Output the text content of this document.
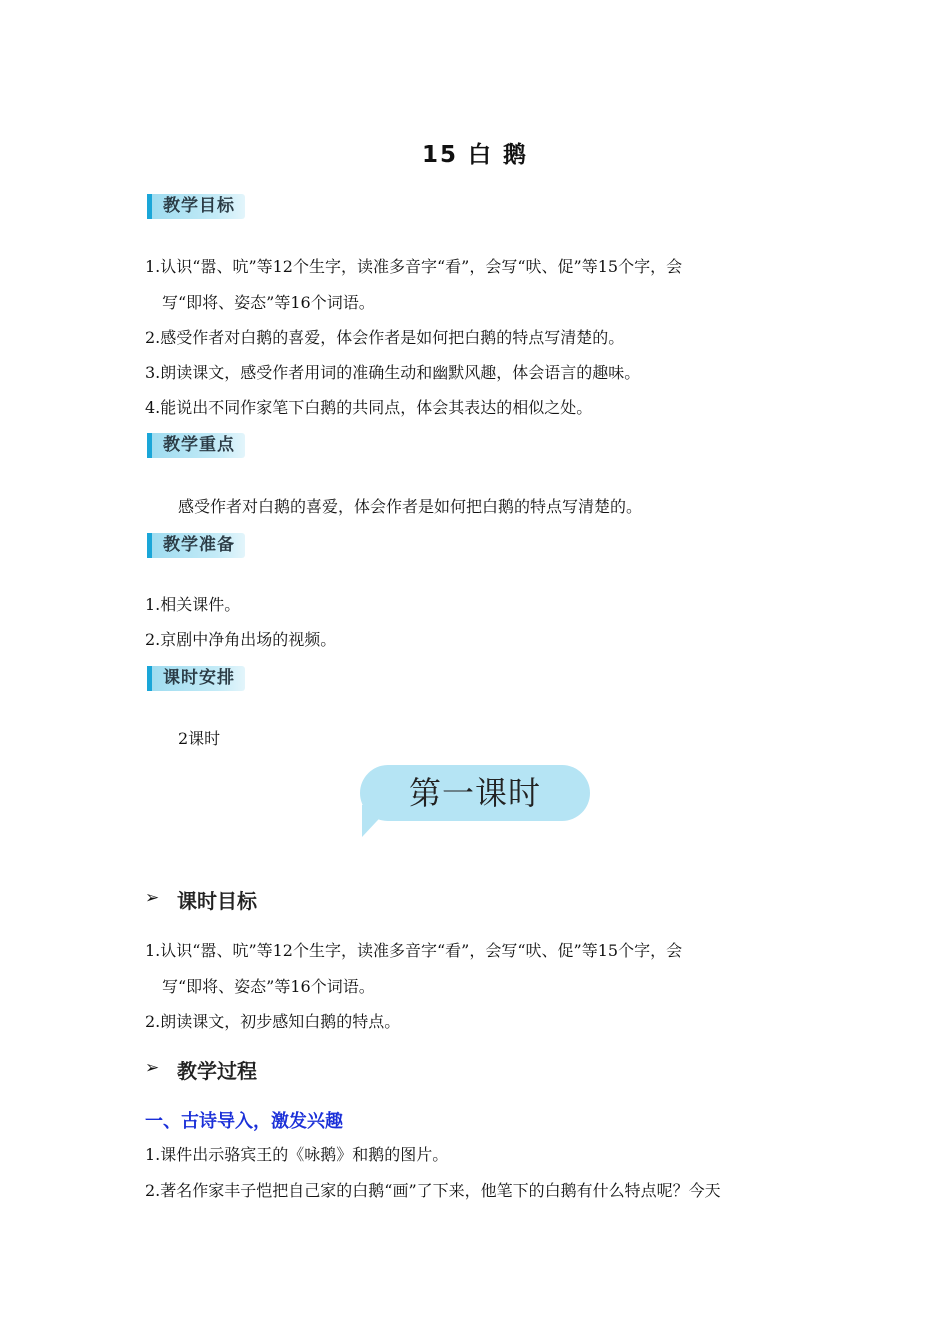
15 白 鹅
教学目标
1.认识“嚣、吭”等12个生字，读准多音字“看”，会写“吠、促”等15个字，会
写“即将、姿态”等16个词语。
2.感受作者对白鹅的喜爱，体会作者是如何把白鹅的特点写清楚的。
3.朗读课文，感受作者用词的准确生动和幽默风趣，体会语言的趣味。
4.能说出不同作家笔下白鹅的共同点，体会其表达的相似之处。
教学重点
感受作者对白鹅的喜爱，体会作者是如何把白鹅的特点写清楚的。
教学准备
1.相关课件。
2.京剧中净角出场的视频。
课时安排
2课时
第一课时
➢ 课时目标
1.认识“嚣、吭”等12个生字，读准多音字“看”，会写“吠、促”等15个字，会
写“即将、姿态”等16个词语。
2.朗读课文，初步感知白鹅的特点。
➢ 教学过程
一、古诗导入，激发兴趣
1.课件出示骆宾王的《咏鹅》和鹅的图片。
2.著名作家丰子恺把自己家的白鹅“画”了下来，他笔下的白鹅有什么特点呢？今天
